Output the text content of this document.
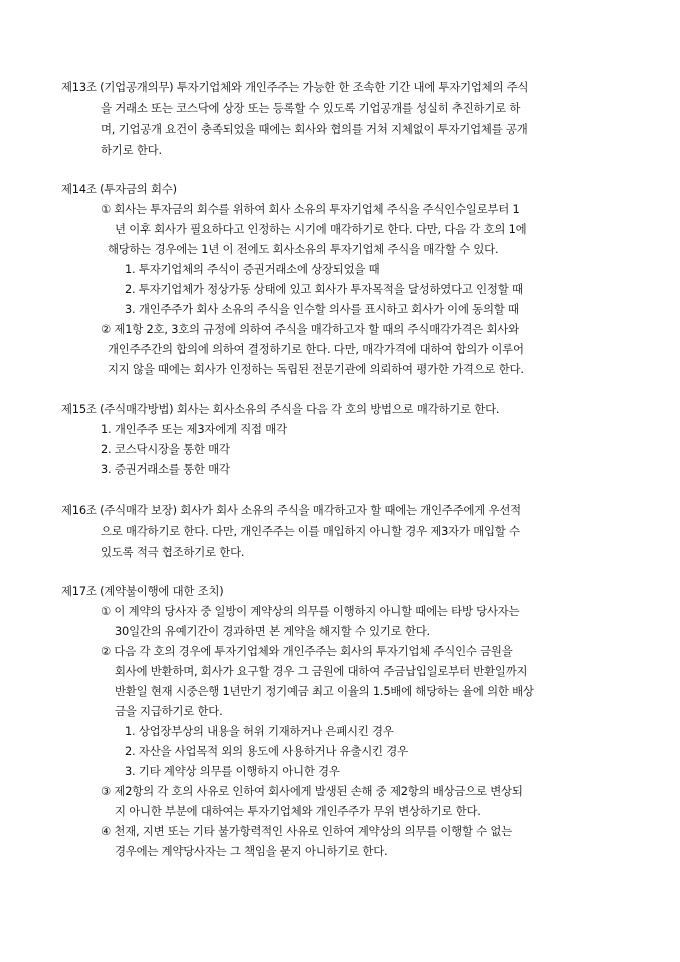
제13조 (기업공개의무) 투자기업체와 개인주주는 가능한 한 조속한 기간 내에 투자기업체의 주식
을 거래소 또는 코스닥에 상장 또는 등록할 수 있도록 기업공개를 성실히 추진하기로 하
며, 기업공개 요건이 충족되었을 때에는 회사와 협의를 거쳐 지체없이 투자기업체를 공개
하기로 한다.
제14조 (투자금의 회수)
① 회사는 투자금의 회수를 위하여 회사 소유의 투자기업체 주식을 주식인수일로부터 1
년 이후 회사가 필요하다고 인정하는 시기에 매각하기로 한다. 다만, 다음 각 호의 1에
해당하는 경우에는 1년 이 전에도 회사소유의 투자기업체 주식을 매각할 수 있다.
1. 투자기업체의 주식이 증권거래소에 상장되었을 때
2. 투자기업체가 정상가동 상태에 있고 회사가 투자목적을 달성하였다고 인정할 때
3. 개인주주가 회사 소유의 주식을 인수할 의사를 표시하고 회사가 이에 동의할 때
② 제1항 2호, 3호의 규정에 의하여 주식을 매각하고자 할 때의 주식매각가격은 회사와
개인주주간의 합의에 의하여 결정하기로 한다. 다만, 매각가격에 대하여 합의가 이루어
지지 않을 때에는 회사가 인정하는 독립된 전문기관에 의뢰하여 평가한 가격으로 한다.
제15조 (주식매각방법) 회사는 회사소유의 주식을 다음 각 호의 방법으로 매각하기로 한다.
1. 개인주주 또는 제3자에게 직접 매각
2. 코스닥시장을 통한 매각
3. 증권거래소를 통한 매각
제16조 (주식매각 보장) 회사가 회사 소유의 주식을 매각하고자 할 때에는 개인주주에게 우선적
으로 매각하기로 한다. 다만, 개인주주는 이를 매입하지 아니할 경우 제3자가 매입할 수
있도록 적극 협조하기로 한다.
제17조 (계약불이행에 대한 조치)
① 이 계약의 당사자 중 일방이 계약상의 의무를 이행하지 아니할 때에는 타방 당사자는
30일간의 유예기간이 경과하면 본 계약을 해지할 수 있기로 한다.
② 다음 각 호의 경우에 투자기업체와 개인주주는 회사의 투자기업체 주식인수 금원을
회사에 반환하며, 회사가 요구할 경우 그 금원에 대하여 주금납입일로부터 반환일까지
반환일 현재 시중은행 1년만기 정기예금 최고 이율의 1.5배에 해당하는 율에 의한 배상
금을 지급하기로 한다.
1. 상업장부상의 내용을 허위 기재하거나 은폐시킨 경우
2. 자산을 사업목적 외의 용도에 사용하거나 유출시킨 경우
3. 기타 계약상 의무를 이행하지 아니한 경우
③ 제2항의 각 호의 사유로 인하여 회사에게 발생된 손해 중 제2항의 배상금으로 변상되
지 아니한 부분에 대하여는 투자기업체와 개인주주가 무위 변상하기로 한다.
④ 천재, 지변 또는 기타 불가항력적인 사유로 인하여 계약상의 의무를 이행할 수 없는
경우에는 계약당사자는 그 책임을 묻지 아니하기로 한다.
